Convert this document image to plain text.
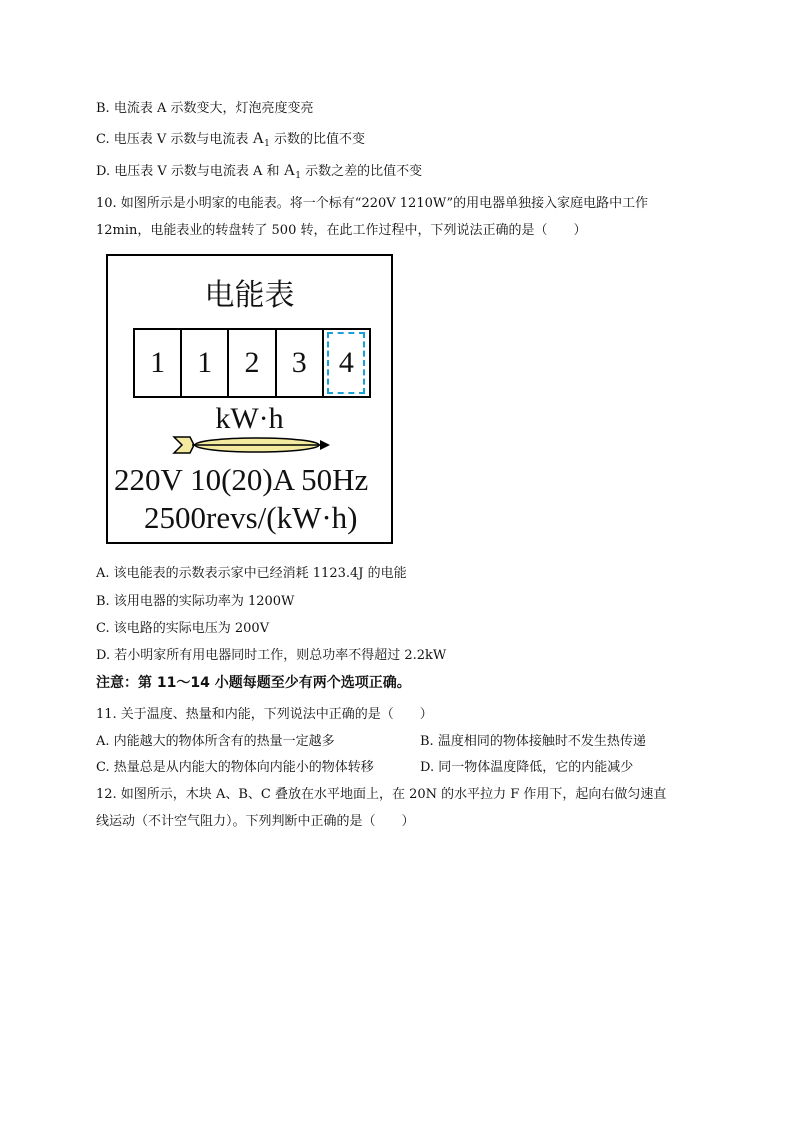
B. 电流表 A 示数变大，灯泡亮度变亮
C. 电压表 V 示数与电流表 $A_1$ 示数的比值不变
D. 电压表 V 示数与电流表 A 和 $A_1$ 示数之差的比值不变
10. 如图所示是小明家的电能表。将一个标有“220V 1210W”的用电器单独接入家庭电路中工作
12min，电能表业的转盘转了 500 转，在此工作过程中，下列说法正确的是（　　）
电能表
1	1	2	3	4
kW·h
220V 10(20)A 50Hz
2500revs/(kW·h)
A. 该电能表的示数表示家中已经消耗 1123.4J 的电能
B. 该用电器的实际功率为 1200W
C. 该电路的实际电压为 200V
D. 若小明家所有用电器同时工作，则总功率不得超过 2.2kW
注意：第 11～14 小题每题至少有两个选项正确。
11. 关于温度、热量和内能，下列说法中正确的是（　　）
A. 内能越大的物体所含有的热量一定越多	B. 温度相同的物体接触时不发生热传递
C. 热量总是从内能大的物体向内能小的物体转移	D. 同一物体温度降低，它的内能减少
12. 如图所示，木块 A、B、C 叠放在水平地面上，在 20N 的水平拉力 F 作用下，起向右做匀速直
线运动（不计空气阻力）。下列判断中正确的是（　　）
